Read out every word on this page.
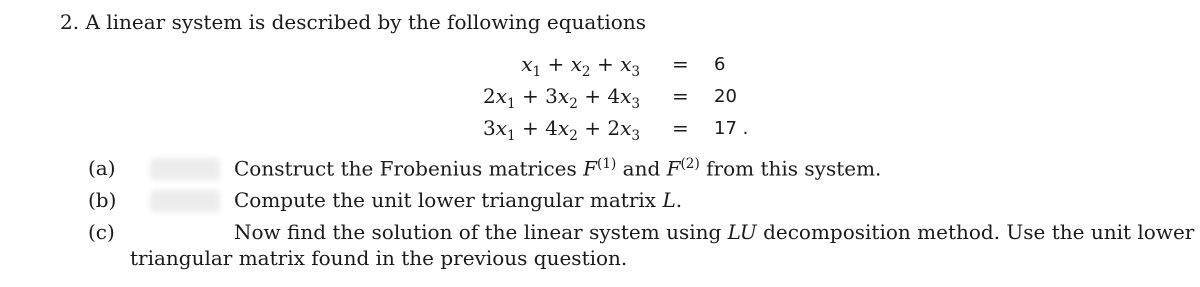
2. A linear system is described by the following equations
$x_1 + x_2 + x_3 = 6$
$2x_1 + 3x_2 + 4x_3 = 20$
$3x_1 + 4x_2 + 2x_3 = 17$ .
(a)	Construct the Frobenius matrices $F^{(1)}$ and $F^{(2)}$ from this system.
(b)	Compute the unit lower triangular matrix L.
(c)	Now find the solution of the linear system using LU decomposition method. Use the unit lower
triangular matrix found in the previous question.
